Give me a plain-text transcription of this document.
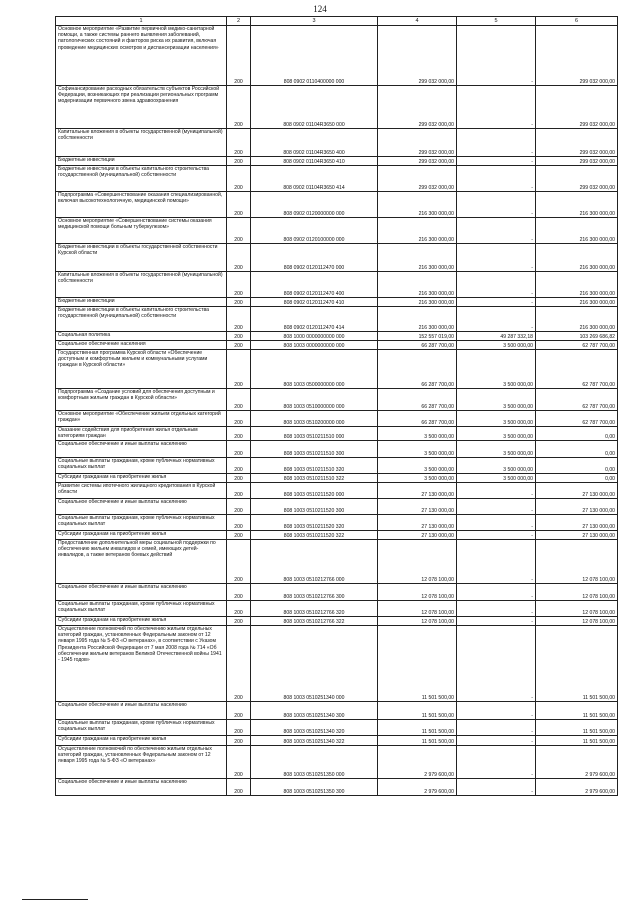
124
1	2	3	4	5	6
Основное мероприятие «Развитие первичной медико-санитарной помощи, а также системы раннего выявления заболеваний, патологических состояний и факторов риска их развития, включая проведение медицинских осмотров и диспансеризации населения»	200	808 0902 0110400000 000	299 032 000,00	-	299 032 000,00
Софинансирование расходных обязательств субъектов Российской Федерации, возникающих при реализации региональных программ модернизации первичного звена здравоохранения	200	808 0902 01104R3650 000	299 032 000,00	-	299 032 000,00
Капитальные вложения в объекты государственной (муниципальной) собственности	200	808 0902 01104R3650 400	299 032 000,00	-	299 032 000,00
Бюджетные инвестиции	200	808 0902 01104R3650 410	299 032 000,00	-	299 032 000,00
Бюджетные инвестиции в объекты капитального строительства государственной (муниципальной) собственности	200	808 0902 01104R3650 414	299 032 000,00	-	299 032 000,00
Подпрограмма «Совершенствование оказания специализированной, включая высокотехнологичную, медицинской помощи»	200	808 0902 0120000000 000	216 300 000,00	-	216 300 000,00
Основное мероприятие «Совершенствование системы оказания медицинской помощи больным туберкулезом»	200	808 0902 0120100000 000	216 300 000,00	-	216 300 000,00
Бюджетные инвестиции в объекты государственной собственности Курской области	200	808 0902 0120112470 000	216 300 000,00	-	216 300 000,00
Капитальные вложения в объекты государственной (муниципальной) собственности	200	808 0902 0120112470 400	216 300 000,00	-	216 300 000,00
Бюджетные инвестиции	200	808 0902 0120112470 410	216 300 000,00	-	216 300 000,00
Бюджетные инвестиции в объекты капитального строительства государственной (муниципальной) собственности	200	808 0902 0120112470 414	216 300 000,00	-	216 300 000,00
Социальная политика	200	808 1000 0000000000 000	152 557 019,00	49 287 332,18	103 269 686,82
Социальное обеспечение населения	200	808 1003 0000000000 000	66 287 700,00	3 500 000,00	62 787 700,00
Государственная программа Курской области «Обеспечение доступным и комфортным жильем и коммунальными услугами граждан в Курской области»	200	808 1003 0500000000 000	66 287 700,00	3 500 000,00	62 787 700,00
Подпрограмма «Создание условий для обеспечения доступным и комфортным жильем граждан в Курской области»	200	808 1003 0510000000 000	66 287 700,00	3 500 000,00	62 787 700,00
Основное мероприятие «Обеспечение жильем отдельных категорий граждан»	200	808 1003 0510200000 000	66 287 700,00	3 500 000,00	62 787 700,00
Оказание содействия для приобретения жилья отдельным категориям граждан	200	808 1003 0510211510 000	3 500 000,00	3 500 000,00	0,00
Социальное обеспечение и иные выплаты населению	200	808 1003 0510211510 300	3 500 000,00	3 500 000,00	0,00
Социальные выплаты гражданам, кроме публичных нормативных социальных выплат	200	808 1003 0510211510 320	3 500 000,00	3 500 000,00	0,00
Субсидии гражданам на приобретение жилья	200	808 1003 0510211510 322	3 500 000,00	3 500 000,00	0,00
Развитие системы ипотечного жилищного кредитования в Курской области	200	808 1003 0510211520 000	27 130 000,00	-	27 130 000,00
Социальное обеспечение и иные выплаты населению	200	808 1003 0510211520 300	27 130 000,00	-	27 130 000,00
Социальные выплаты гражданам, кроме публичных нормативных социальных выплат	200	808 1003 0510211520 320	27 130 000,00	-	27 130 000,00
Субсидии гражданам на приобретение жилья	200	808 1003 0510211520 322	27 130 000,00	-	27 130 000,00
Предоставление дополнительной меры социальной поддержки по обеспечению жильем инвалидов и семей, имеющих детей-инвалидов, а также ветеранов боевых действий	200	808 1003 0510212766 000	12 078 100,00	-	12 078 100,00
Социальное обеспечение и иные выплаты населению	200	808 1003 0510212766 300	12 078 100,00	-	12 078 100,00
Социальные выплаты гражданам, кроме публичных нормативных социальных выплат	200	808 1003 0510212766 320	12 078 100,00	-	12 078 100,00
Субсидии гражданам на приобретение жилья	200	808 1003 0510212766 322	12 078 100,00	-	12 078 100,00
Осуществление полномочий по обеспечению жильем отдельных категорий граждан, установленных Федеральным законом от 12 января 1995 года № 5-ФЗ «О ветеранах», в соответствии с Указом Президента Российской Федерации от 7 мая 2008 года № 714 «Об обеспечении жильем ветеранов Великой Отечественной войны 1941 - 1945 годов»	200	808 1003 0510251340 000	11 501 500,00	-	11 501 500,00
Социальное обеспечение и иные выплаты населению	200	808 1003 0510251340 300	11 501 500,00	-	11 501 500,00
Социальные выплаты гражданам, кроме публичных нормативных социальных выплат	200	808 1003 0510251340 320	11 501 500,00	-	11 501 500,00
Субсидии гражданам на приобретение жилья	200	808 1003 0510251340 322	11 501 500,00	-	11 501 500,00
Осуществление полномочий по обеспечению жильем отдельных категорий граждан, установленных Федеральным законом от 12 января 1995 года № 5-ФЗ «О ветеранах»	200	808 1003 0510251350 000	2 979 600,00	-	2 979 600,00
Социальное обеспечение и иные выплаты населению	200	808 1003 0510251350 300	2 979 600,00	-	2 979 600,00
